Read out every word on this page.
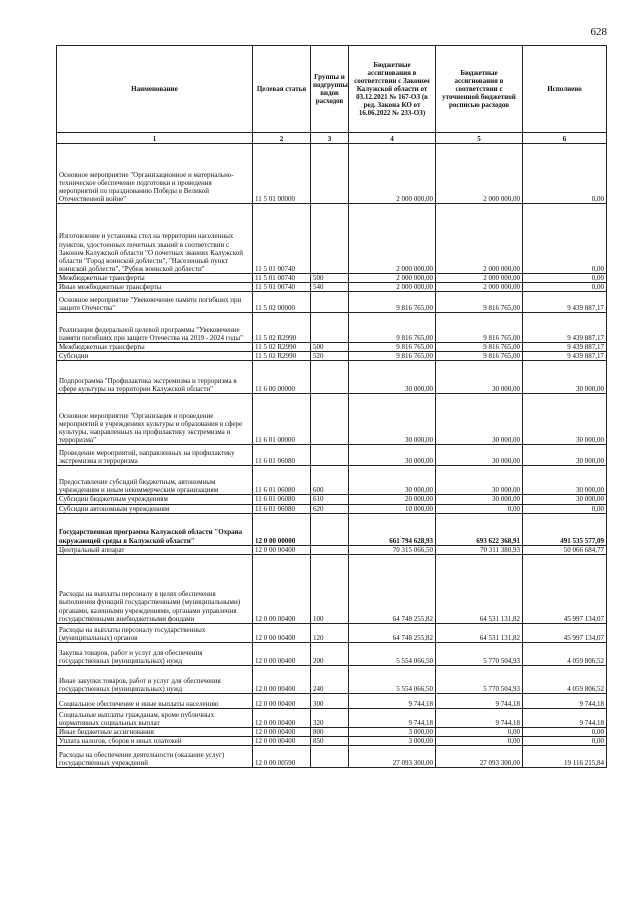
628
Наименование	Целевая статья	Группы и подгруппы видов расходов	Бюджетные ассигнования в соответствии с Законом Калужской области от 03.12.2021 № 167-ОЗ (в ред. Закона КО от 16.06.2022 № 233-ОЗ)	Бюджетные ассигнования в соответствии с уточненной бюджетной росписью расходов	Исполнено
1	2	3	4	5	6
Основное мероприятие "Организационное и материально-техническое обеспечение подготовки и проведения мероприятий по празднованию Победы в Великой Отечественной войне"	11 5 01 00000		2 000 000,00	2 000 000,00	0,00
Изготовление и установка стел на территории населенных пунктов, удостоенных почетных званий в соответствии с Законом Калужской области "О почетных званиях Калужской области "Город воинской доблести", "Населенный пункт воинской доблести", "Рубеж воинской доблести"	11 5 01 00740		2 000 000,00	2 000 000,00	0,00
Межбюджетные трансферты	11 5 01 00740	500	2 000 000,00	2 000 000,00	0,00
Иные межбюджетные трансферты	11 5 01 00740	540	2 000 000,00	2 000 000,00	0,00
Основное мероприятие "Увековечение памяти погибших при защите Отечества"	11 5 02 00000		9 816 765,00	9 816 765,00	9 439 887,17
Реализация федеральной целевой программы "Увековечение памяти погибших при защите Отечества на 2019 - 2024 годы"	11 5 02 R2990		9 816 765,00	9 816 765,00	9 439 887,17
Межбюджетные трансферты	11 5 02 R2990	500	9 816 765,00	9 816 765,00	9 439 887,17
Субсидии	11 5 02 R2990	520	9 816 765,00	9 816 765,00	9 439 887,17
Подпрограмма "Профилактика экстремизма и терроризма в сфере культуры на территории Калужской области"	11 6 00 00000		30 000,00	30 000,00	30 000,00
Основное мероприятие "Организация и проведение мероприятий в учреждениях культуры и образования в сфере культуры, направленных на профилактику экстремизма и терроризма"	11 6 01 00000		30 000,00	30 000,00	30 000,00
Проведение мероприятий, направленных на профилактику экстремизма и терроризма	11 6 01 06080		30 000,00	30 000,00	30 000,00
Предоставление субсидий бюджетным, автономным учреждениям и иным некоммерческим организациям	11 6 01 06080	600	30 000,00	30 000,00	30 000,00
Субсидии бюджетным учреждениям	11 6 01 06080	610	20 000,00	30 000,00	30 000,00
Субсидии автономным учреждениям	11 6 01 06080	620	10 000,00	0,00	0,00
Государственная программа Калужской области "Охрана окружающей среды в Калужской области"	12 0 00 00000		661 794 628,93	693 622 368,91	491 535 577,09
Центральный аппарат	12 0 00 00400		70 315 066,50	70 311 380,93	50 066 684,77
Расходы на выплаты персоналу в целях обеспечения выполнения функций государственными (муниципальными) органами, казенными учреждениями, органами управления государственными внебюджетными фондами	12 0 00 00400	100	64 748 255,82	64 531 131,82	45 997 134,07
Расходы на выплаты персоналу государственных (муниципальных) органов	12 0 00 00400	120	64 748 255,82	64 531 131,82	45 997 134,07
Закупка товаров, работ и услуг для обеспечения государственных (муниципальных) нужд	12 0 00 00400	200	5 554 066,50	5 770 504,93	4 059 806,52
Иные закупки товаров, работ и услуг для обеспечения государственных (муниципальных) нужд	12 0 00 00400	240	5 554 066,50	5 770 504,93	4 059 806,52
Социальное обеспечение и иные выплаты населению	12 0 00 00400	300	9 744,18	9 744,18	9 744,18
Социальные выплаты гражданам, кроме публичных нормативных социальных выплат	12 0 00 00400	320	9 744,18	9 744,18	9 744,18
Иные бюджетные ассигнования	12 0 00 00400	800	3 000,00	0,00	0,00
Уплата налогов, сборов и иных платежей	12 0 00 00400	850	3 000,00	0,00	0,00
Расходы на обеспечение деятельности (оказание услуг) государственных учреждений	12 0 00 00590		27 093 300,00	27 093 300,00	19 116 215,84
